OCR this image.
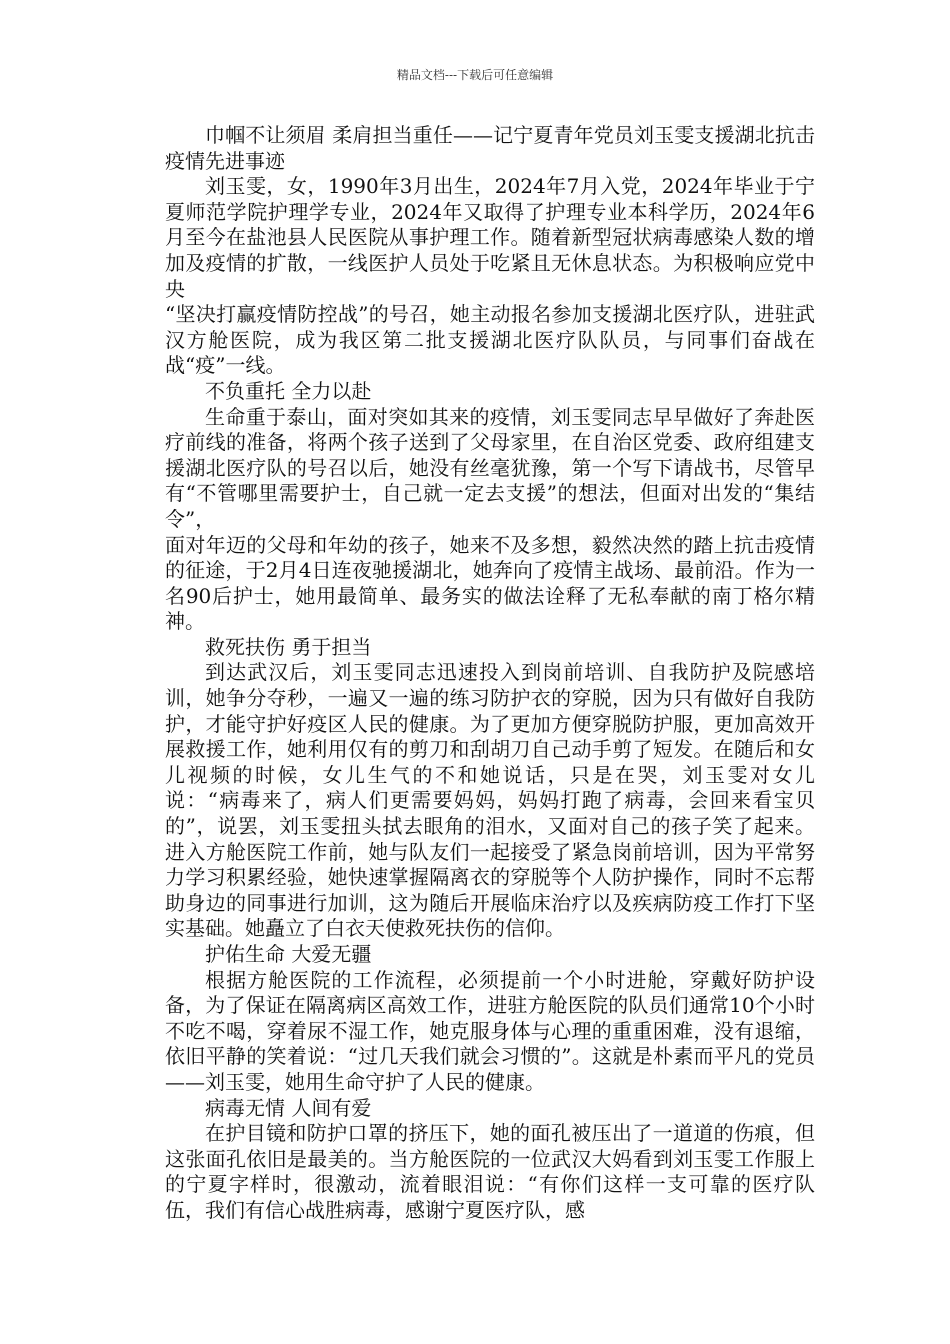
精品文档---下载后可任意编辑

巾帼不让须眉 柔肩担当重任——记宁夏青年党员刘玉雯支援湖北抗击疫情先进事迹

刘玉雯，女，1990年3月出生，2024年7月入党，2024年毕业于宁夏师范学院护理学专业，2024年又取得了护理专业本科学历，2024年6月至今在盐池县人民医院从事护理工作。随着新型冠状病毒感染人数的增加及疫情的扩散，一线医护人员处于吃紧且无休息状态。为积极响应党中央

“坚决打赢疫情防控战”的号召，她主动报名参加支援湖北医疗队，进驻武汉方舱医院，成为我区第二批支援湖北医疗队队员，与同事们奋战在战“疫”一线。

不负重托 全力以赴

生命重于泰山，面对突如其来的疫情，刘玉雯同志早早做好了奔赴医疗前线的准备，将两个孩子送到了父母家里，在自治区党委、政府组建支援湖北医疗队的号召以后，她没有丝毫犹豫，第一个写下请战书，尽管早有“不管哪里需要护士，自己就一定去支援”的想法，但面对出发的“集结令”，

面对年迈的父母和年幼的孩子，她来不及多想，毅然决然的踏上抗击疫情的征途，于2月4日连夜驰援湖北，她奔向了疫情主战场、最前沿。作为一名90后护士，她用最简单、最务实的做法诠释了无私奉献的南丁格尔精神。

救死扶伤 勇于担当

到达武汉后，刘玉雯同志迅速投入到岗前培训、自我防护及院感培训，她争分夺秒，一遍又一遍的练习防护衣的穿脱，因为只有做好自我防护，才能守护好疫区人民的健康。为了更加方便穿脱防护服，更加高效开展救援工作，她利用仅有的剪刀和刮胡刀自己动手剪了短发。在随后和女儿视频的时候，女儿生气的不和她说话，只是在哭，刘玉雯对女儿说：“病毒来了，病人们更需要妈妈，妈妈打跑了病毒，会回来看宝贝的”，说罢，刘玉雯扭头拭去眼角的泪水，又面对自己的孩子笑了起来。进入方舱医院工作前，她与队友们一起接受了紧急岗前培训，因为平常努力学习积累经验，她快速掌握隔离衣的穿脱等个人防护操作，同时不忘帮助身边的同事进行加训，这为随后开展临床治疗以及疾病防疫工作打下坚实基础。她矗立了白衣天使救死扶伤的信仰。

护佑生命 大爱无疆

根据方舱医院的工作流程，必须提前一个小时进舱，穿戴好防护设备，为了保证在隔离病区高效工作，进驻方舱医院的队员们通常10个小时不吃不喝，穿着尿不湿工作，她克服身体与心理的重重困难，没有退缩，依旧平静的笑着说：“过几天我们就会习惯的”。这就是朴素而平凡的党员——刘玉雯，她用生命守护了人民的健康。

病毒无情 人间有爱

在护目镜和防护口罩的挤压下，她的面孔被压出了一道道的伤痕，但这张面孔依旧是最美的。当方舱医院的一位武汉大妈看到刘玉雯工作服上的宁夏字样时，很激动，流着眼泪说：“有你们这样一支可靠的医疗队伍，我们有信心战胜病毒，感谢宁夏医疗队，感
